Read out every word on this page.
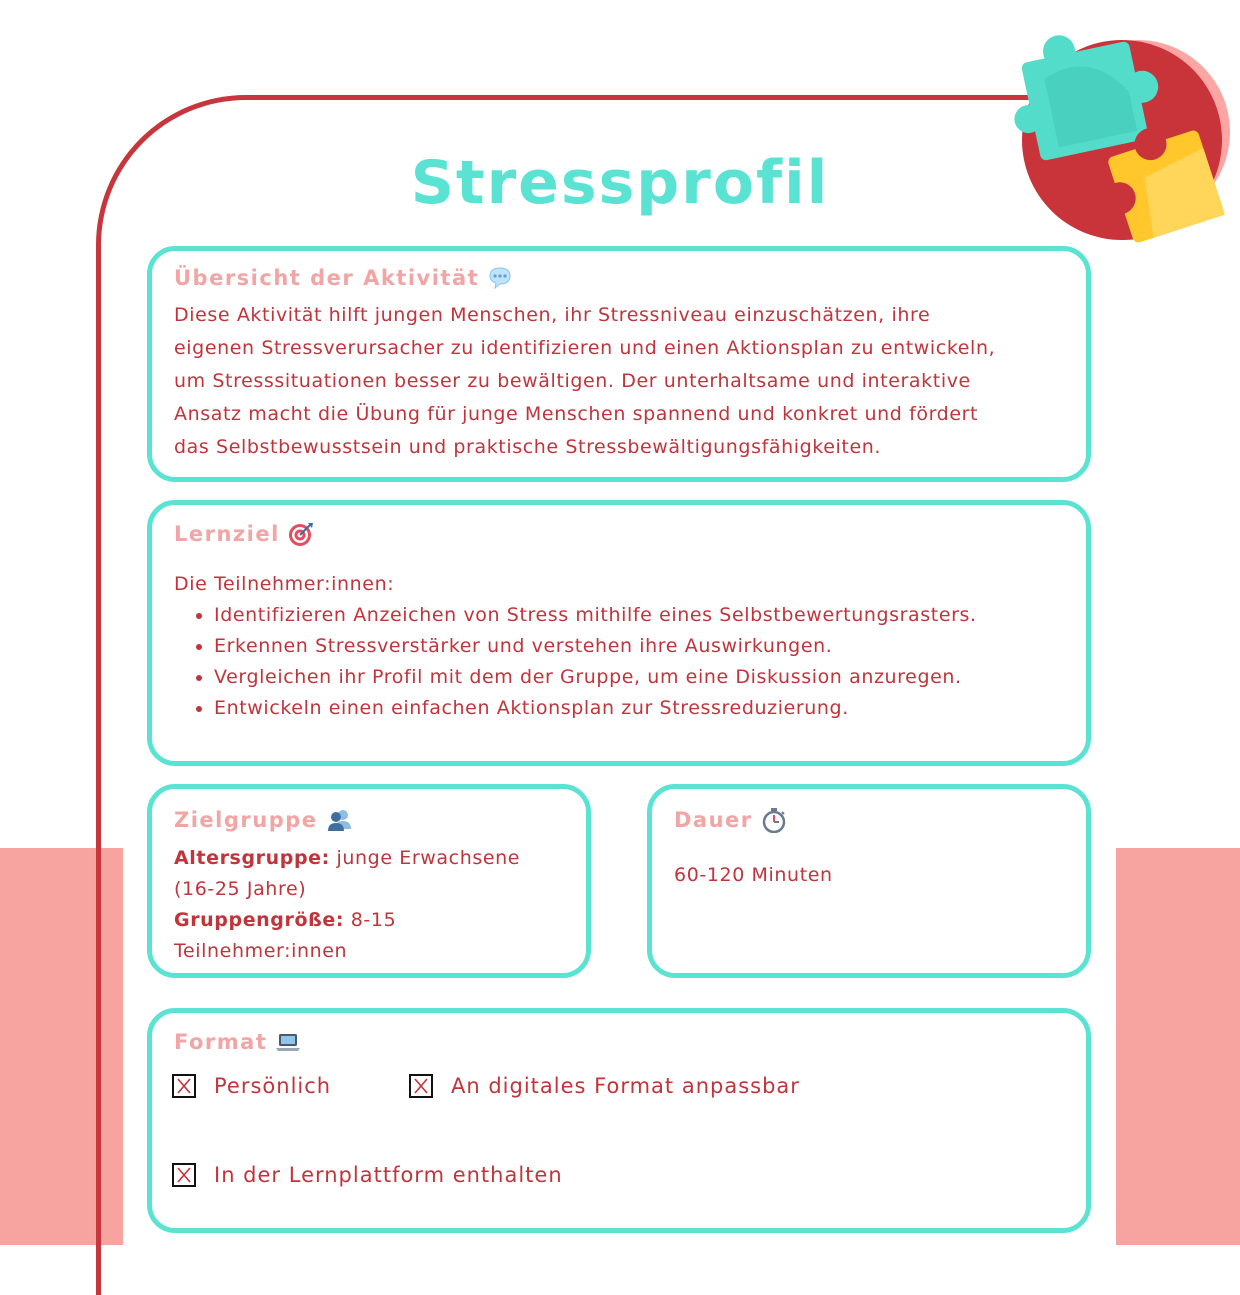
Stressprofil
Übersicht der Aktivität

Diese Aktivität hilft jungen Menschen, ihr Stressniveau einzuschätzen, ihre
eigenen Stressverursacher zu identifizieren und einen Aktionsplan zu entwickeln,
um Stresssituationen besser zu bewältigen. Der unterhaltsame und interaktive
Ansatz macht die Übung für junge Menschen spannend und konkret und fördert
das Selbstbewusstsein und praktische Stressbewältigungsfähigkeiten.

Lernziel

Die Teilnehmer:innen:

• Identifizieren Anzeichen von Stress mithilfe eines Selbstbewertungsrasters.
• Erkennen Stressverstärker und verstehen ihre Auswirkungen.
• Vergleichen ihr Profil mit dem der Gruppe, um eine Diskussion anzuregen.
• Entwickeln einen einfachen Aktionsplan zur Stressreduzierung.
Zielgruppe

Altersgruppe: junge Erwachsene
(16-25 Jahre)
Gruppengröße: 8-15
Teilnehmer:innen

Dauer

60-120 Minuten

Format
Persönlich	An digitales Format anpassbar
In der Lernplattform enthalten
